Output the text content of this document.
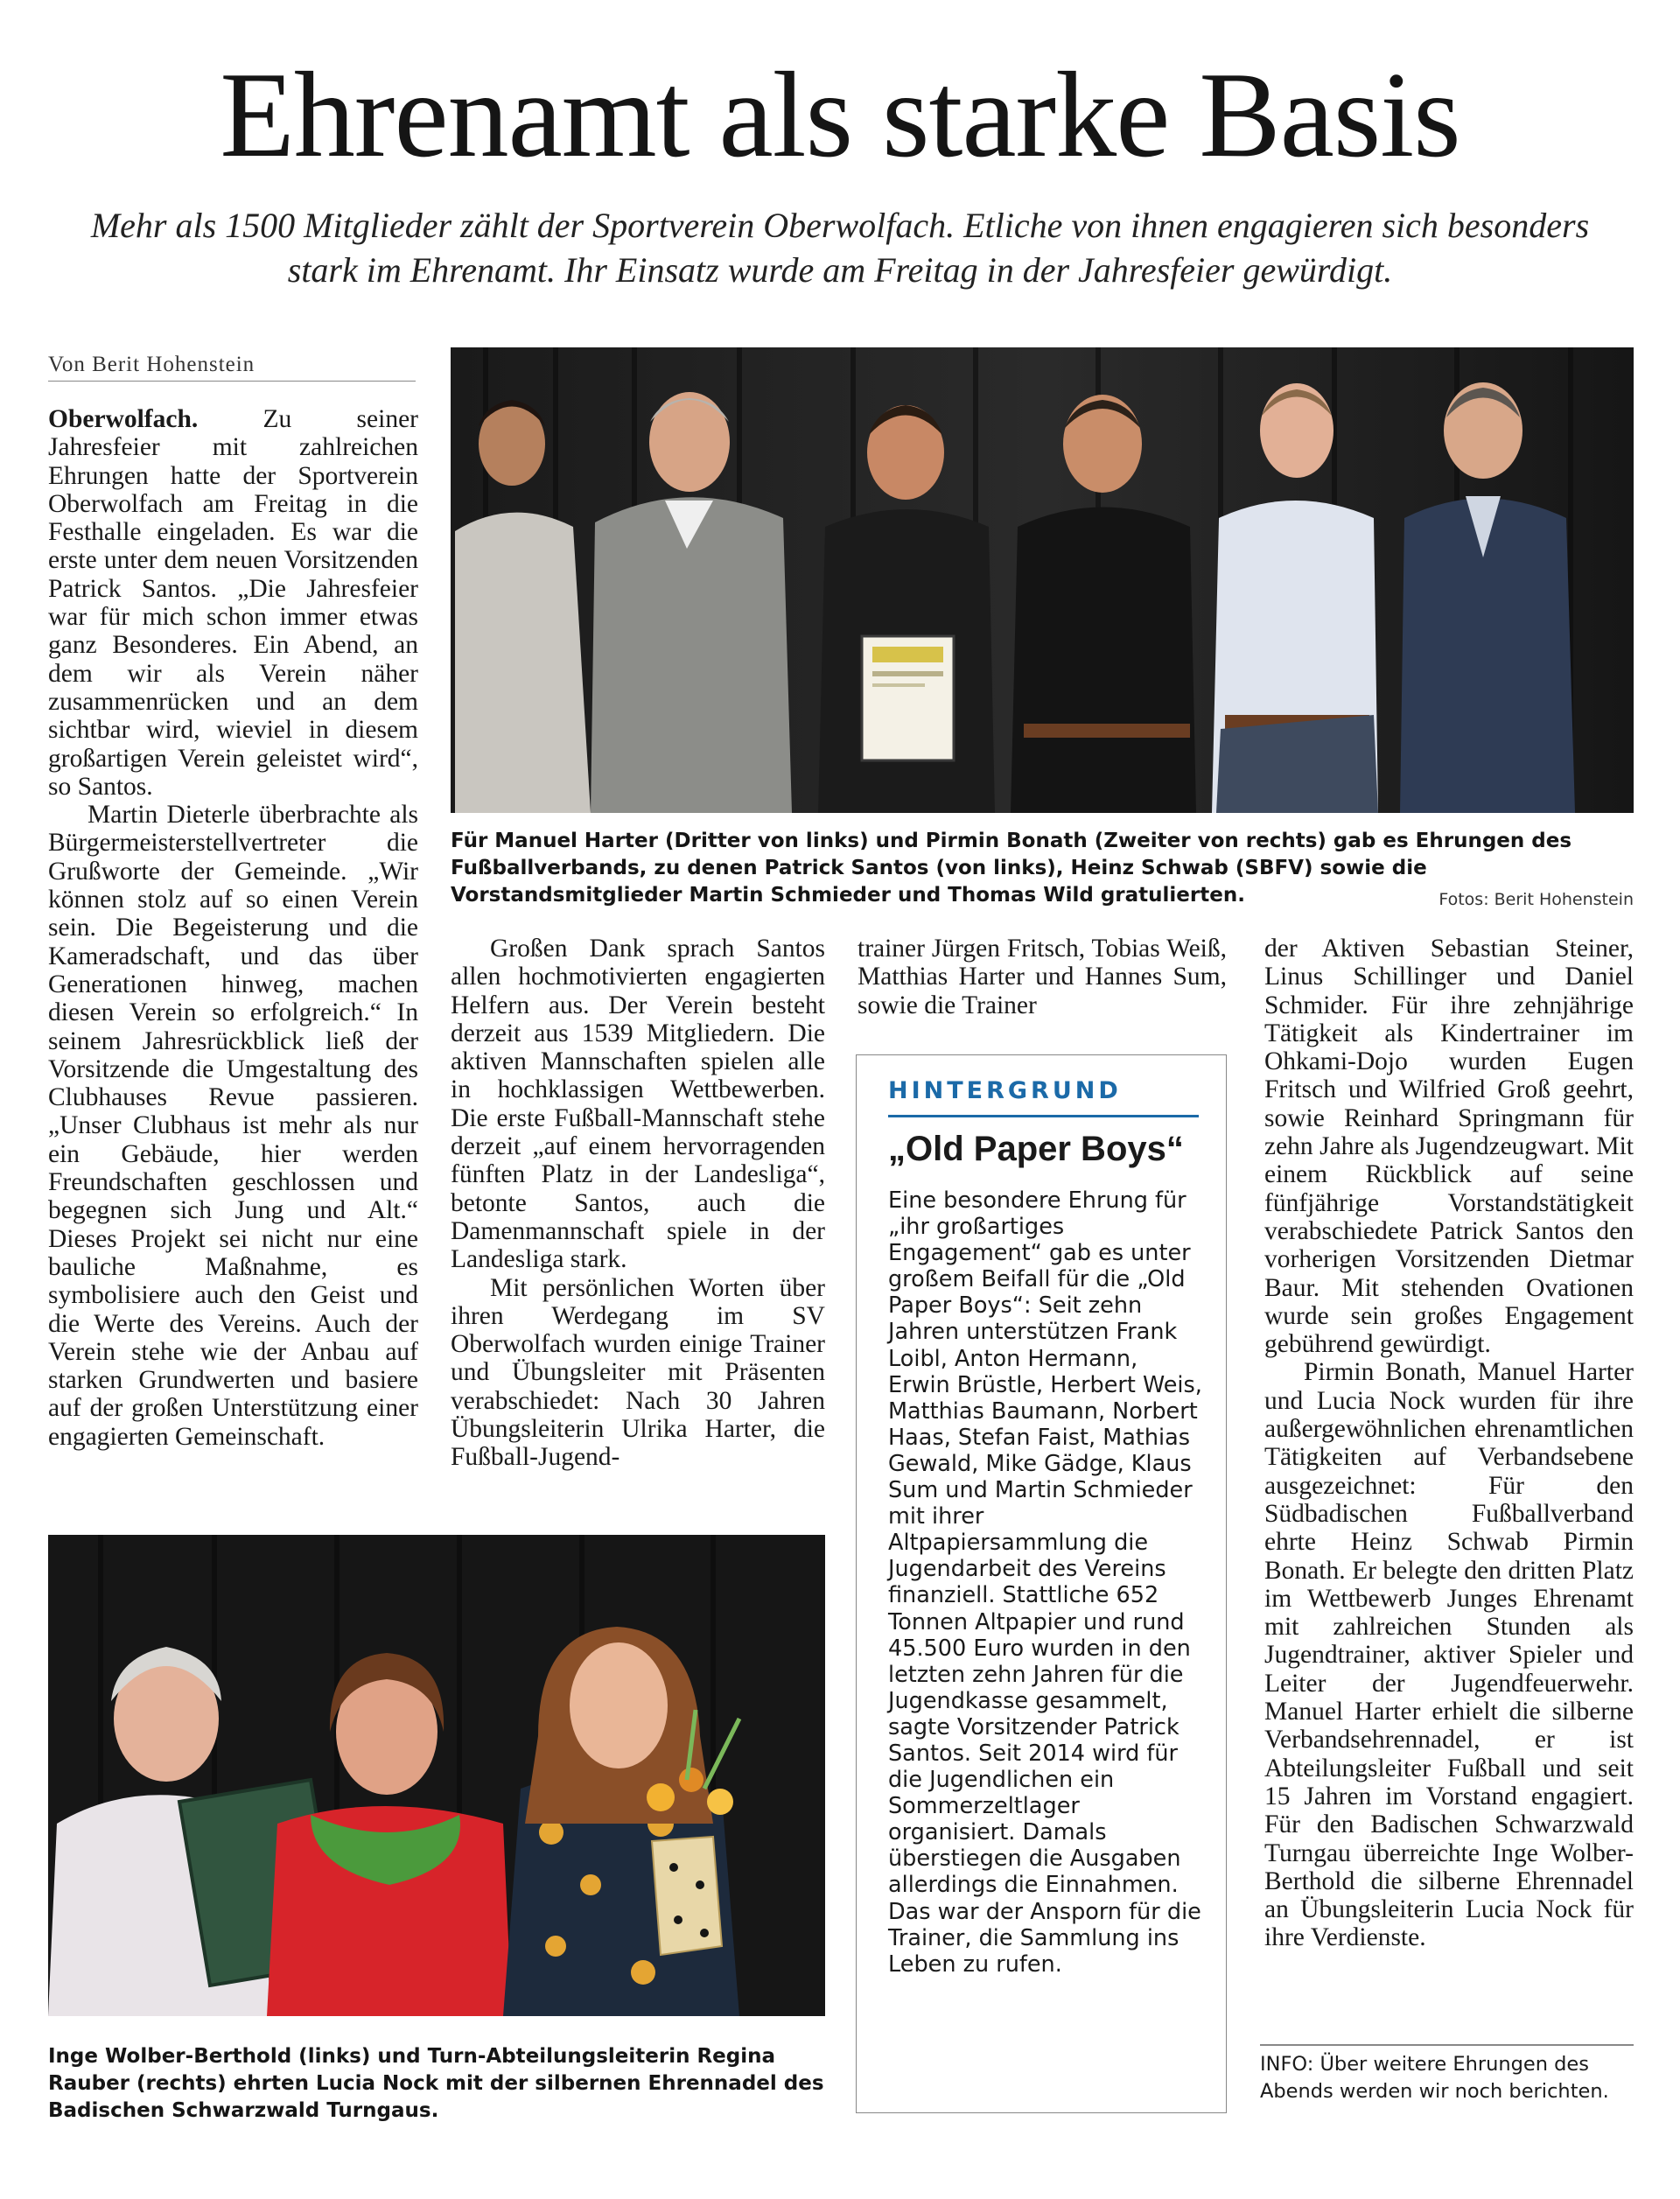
Ehrenamt als starke Basis
Mehr als 1500 Mitglieder zählt der Sportverein Oberwolfach. Etliche von ihnen engagieren sich besonders stark im Ehrenamt. Ihr Einsatz wurde am Freitag in der Jahresfeier gewürdigt.
Von Berit Hohenstein

Oberwolfach.	Zu seiner Jahresfeier mit zahlreichen Ehrungen hatte der Sportverein Oberwolfach am Freitag in die Festhalle eingeladen. Es war die erste unter dem neuen Vorsitzenden Patrick Santos. „Die Jahresfeier war für mich schon immer etwas ganz Besonderes. Ein Abend, an dem wir als Verein näher zusammenrücken und an dem sichtbar wird, wieviel in diesem großartigen Verein geleistet wird“, so Santos.

Martin Dieterle überbrachte als Bürgermeisterstellvertreter die Grußworte der Gemeinde. „Wir können stolz auf so einen Verein sein. Die Begeisterung und die Kameradschaft, und das über Generationen hinweg, machen diesen Verein so erfolgreich.“ In seinem Jahresrückblick ließ der Vorsitzende die Umgestaltung des Clubhauses Revue passieren. „Unser Clubhaus ist mehr als nur ein Gebäude, hier werden Freundschaften geschlossen und begegnen sich Jung und Alt.“ Dieses Projekt sei nicht nur eine bauliche Maßnahme, es symbolisiere auch den Geist und die Werte des Vereins. Auch der Verein stehe wie der Anbau auf starken Grundwerten und basiere auf der großen Unterstützung einer engagierten Gemeinschaft.

Für Manuel Harter (Dritter von links) und Pirmin Bonath (Zweiter von rechts) gab es Ehrungen des Fußballverbands, zu denen Patrick Santos (von links), Heinz Schwab (SBFV) sowie die Vorstandsmitglieder Martin Schmieder und Thomas Wild gratulierten.	Fotos: Berit Hohenstein

Großen Dank sprach Santos allen hochmotivierten engagierten Helfern aus. Der Verein besteht derzeit aus 1539 Mitgliedern. Die aktiven Mannschaften spielen alle in hochklassigen Wettbewerben. Die erste Fußball-Mannschaft stehe derzeit „auf einem hervorragenden fünften Platz in der Landesliga“, betonte Santos, auch die Damenmannschaft spiele in der Landesliga stark.

Mit persönlichen Worten über ihren Werdegang im SV Oberwolfach wurden einige Trainer und Übungsleiter mit Präsenten verabschiedet: Nach 30 Jahren Übungsleiterin Ulrika Harter, die Fußball-Jugend-

trainer Jürgen Fritsch, Tobias Weiß, Matthias Harter und Hannes Sum, sowie die Trainer

HINTERGRUND
„Old Paper Boys“
Eine besondere Ehrung für „ihr großartiges Engagement“ gab es unter großem Beifall für die „Old Paper Boys“: Seit zehn Jahren unterstützen Frank Loibl, Anton Hermann, Erwin Brüstle, Herbert Weis, Matthias Baumann, Norbert Haas, Stefan Faist, Mathias Gewald, Mike Gädge, Klaus Sum und Martin Schmieder mit ihrer Altpapiersammlung die Jugendarbeit des Vereins finanziell. Stattliche 652 Tonnen Altpapier und rund 45.500 Euro wurden in den letzten zehn Jahren für die Jugendkasse gesammelt, sagte Vorsitzender Patrick Santos. Seit 2014 wird für die Jugendlichen ein Sommerzeltlager organisiert. Damals überstiegen die Ausgaben allerdings die Einnahmen. Das war der Ansporn für die Trainer, die Sammlung ins Leben zu rufen.

der Aktiven Sebastian Steiner, Linus Schillinger und Daniel Schmider. Für ihre zehnjährige Tätigkeit als Kindertrainer im Ohkami-Dojo wurden Eugen Fritsch und Wilfried Groß geehrt, sowie Reinhard Springmann für zehn Jahre als Jugendzeugwart. Mit einem Rückblick auf seine fünfjährige Vorstandstätigkeit verabschiedete Patrick Santos den vorherigen Vorsitzenden Dietmar Baur. Mit stehenden Ovationen wurde sein großes Engagement gebührend gewürdigt.

Pirmin Bonath, Manuel Harter und Lucia Nock wurden für ihre außergewöhnlichen ehrenamtlichen Tätigkeiten auf Verbandsebene ausgezeichnet: Für den Südbadischen Fußballverband ehrte Heinz Schwab Pirmin Bonath. Er belegte den dritten Platz im Wettbewerb Junges Ehrenamt mit zahlreichen Stunden als Jugendtrainer, aktiver Spieler und Leiter der Jugendfeuerwehr. Manuel Harter erhielt die silberne Verbandsehrennadel, er ist Abteilungsleiter Fußball und seit 15 Jahren im Vorstand engagiert. Für den Badischen Schwarzwald Turngau überreichte Inge Wolber-Berthold die silberne Ehrennadel an Übungsleiterin Lucia Nock für ihre Verdienste.

Inge Wolber-Berthold (links) und Turn-Abteilungsleiterin Regina Rauber (rechts) ehrten Lucia Nock mit der silbernen Ehrennadel des Badischen Schwarzwald Turngaus.
INFO: Über weitere Ehrungen des Abends werden wir noch berichten.
